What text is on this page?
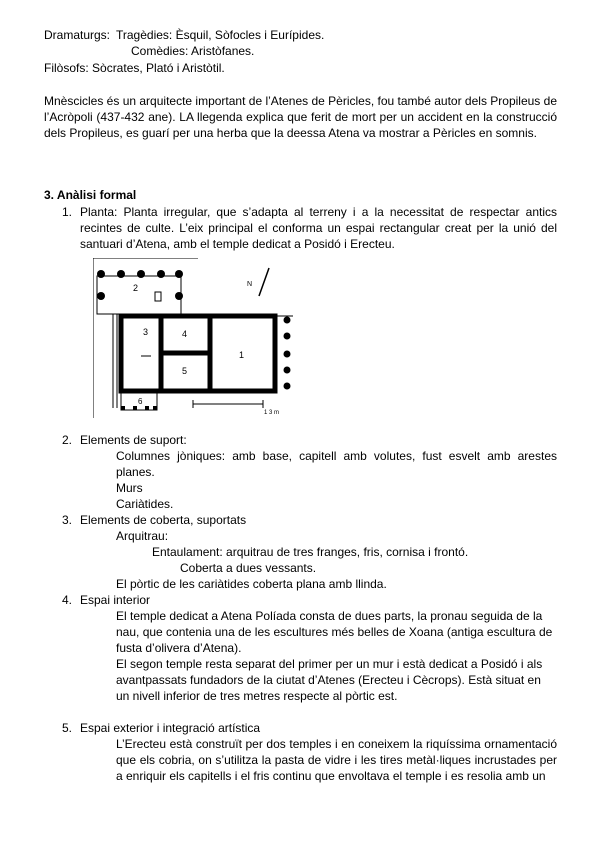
Dramaturgs: Tragèdies: Èsquil, Sòfocles i Eurípides.
Comèdies: Aristòfanes.
Filòsofs: Sòcrates, Plató i Aristòtil.
Mnèscicles és un arquitecte important de l’Atenes de Pèricles, fou també autor dels Propileus de l’Acròpoli (437-432 ane). LA llegenda explica que ferit de mort per un accident en la construcció dels Propileus, es guarí per una herba que la deessa Atena va mostrar a Pèricles en somnis.
3. Anàlisi formal
1. Planta: Planta irregular, que s’adapta al terreny i a la necessitat de respectar antics recintes de culte. L’eix principal el conforma un espai rectangular creat per la unió del santuari d’Atena, amb el temple dedicat a Posidó i Erecteu.
2	N
3	4
5
1
6
1 3 m
2. Elements de suport:
Columnes jòniques: amb base, capitell amb volutes, fust esvelt amb arestes planes.
Murs
Cariàtides.
3. Elements de coberta, suportats
Arquitrau:
Entaulament: arquitrau de tres franges, fris, cornisa i frontó.
Coberta a dues vessants.
El pòrtic de les cariàtides coberta plana amb llinda.
4. Espai interior
El temple dedicat a Atena Políada consta de dues parts, la pronau seguida de la nau, que contenia una de les escultures més belles de Xoana (antiga escultura de fusta d’olivera d’Atena).
El segon temple resta separat del primer per un mur i està dedicat a Posidó i als avantpassats fundadors de la ciutat d’Atenes (Erecteu i Cècrops). Està situat en un nivell inferior de tres metres respecte al pòrtic est.
5. Espai exterior i integració artística
L’Erecteu està construït per dos temples i en coneixem la riquíssima ornamentació que els cobria, on s’utilitza la pasta de vidre i les tires metàl·liques incrustades per a enriquir els capitells i el fris continu que envoltava el temple i es resolia amb un
